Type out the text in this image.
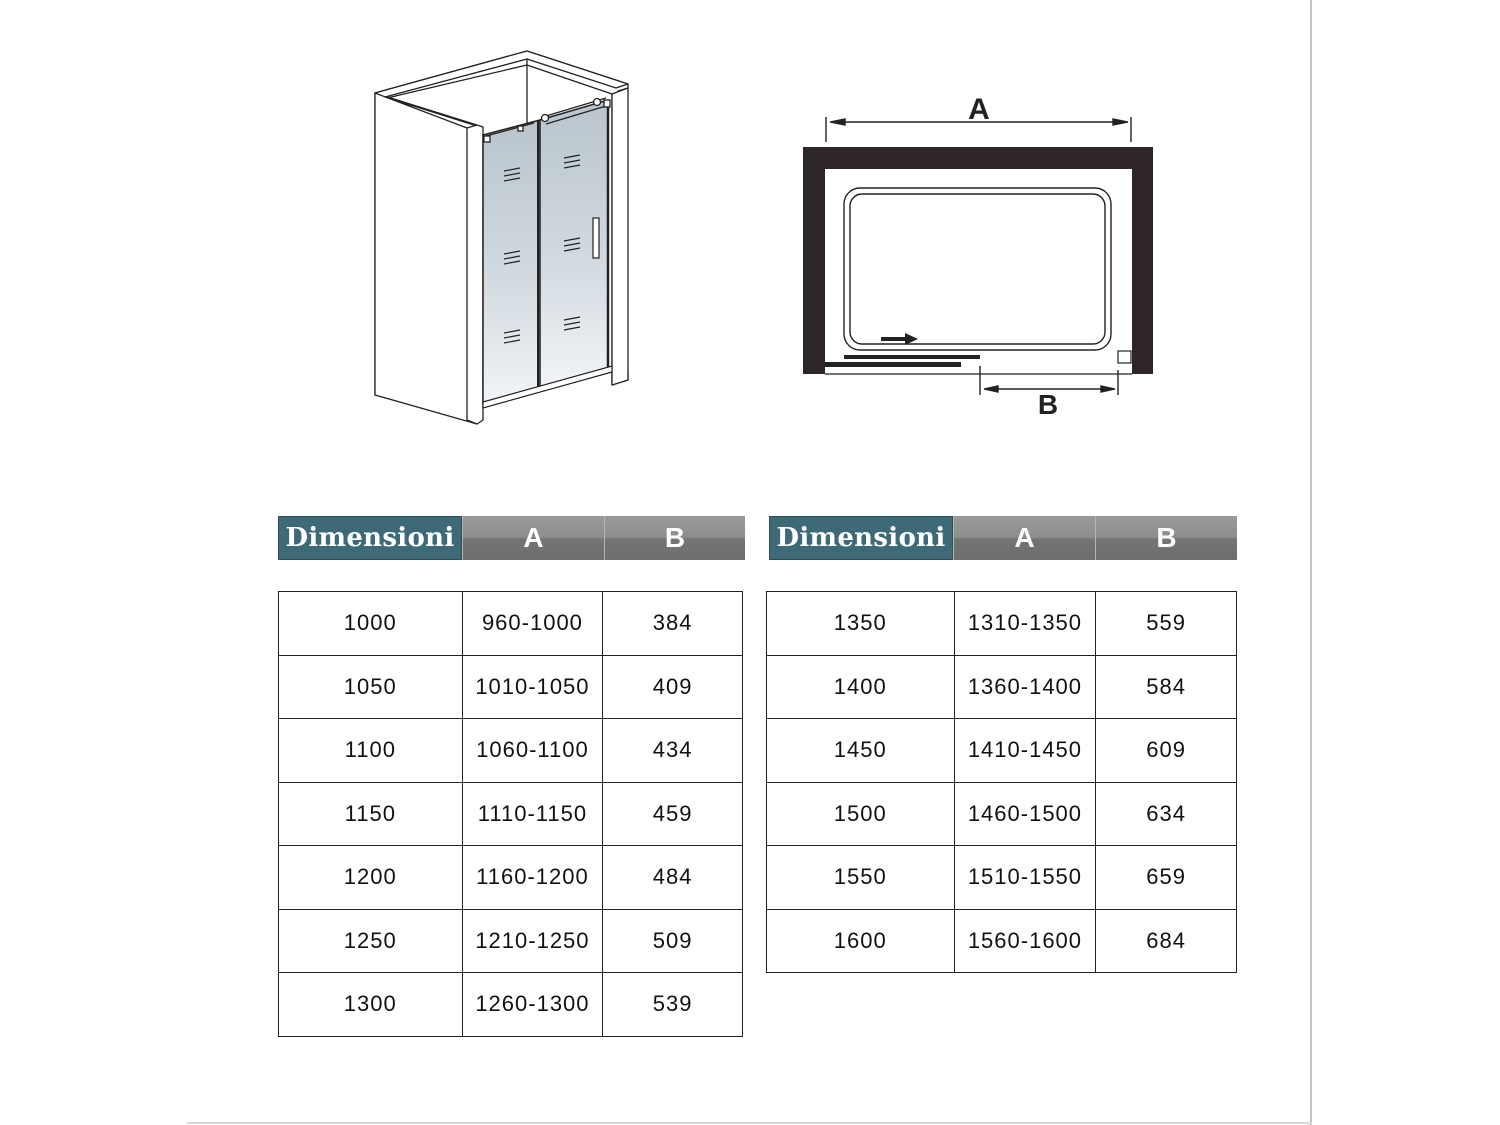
A
B
Dimensioni	A	B	Dimensioni	A	B
1000	960-1000	384
1050	1010-1050	409
1100	1060-1100	434
1150	1110-1150	459
1200	1160-1200	484
1250	1210-1250	509
1300	1260-1300	539
1350	1310-1350	559
1400	1360-1400	584
1450	1410-1450	609
1500	1460-1500	634
1550	1510-1550	659
1600	1560-1600	684
